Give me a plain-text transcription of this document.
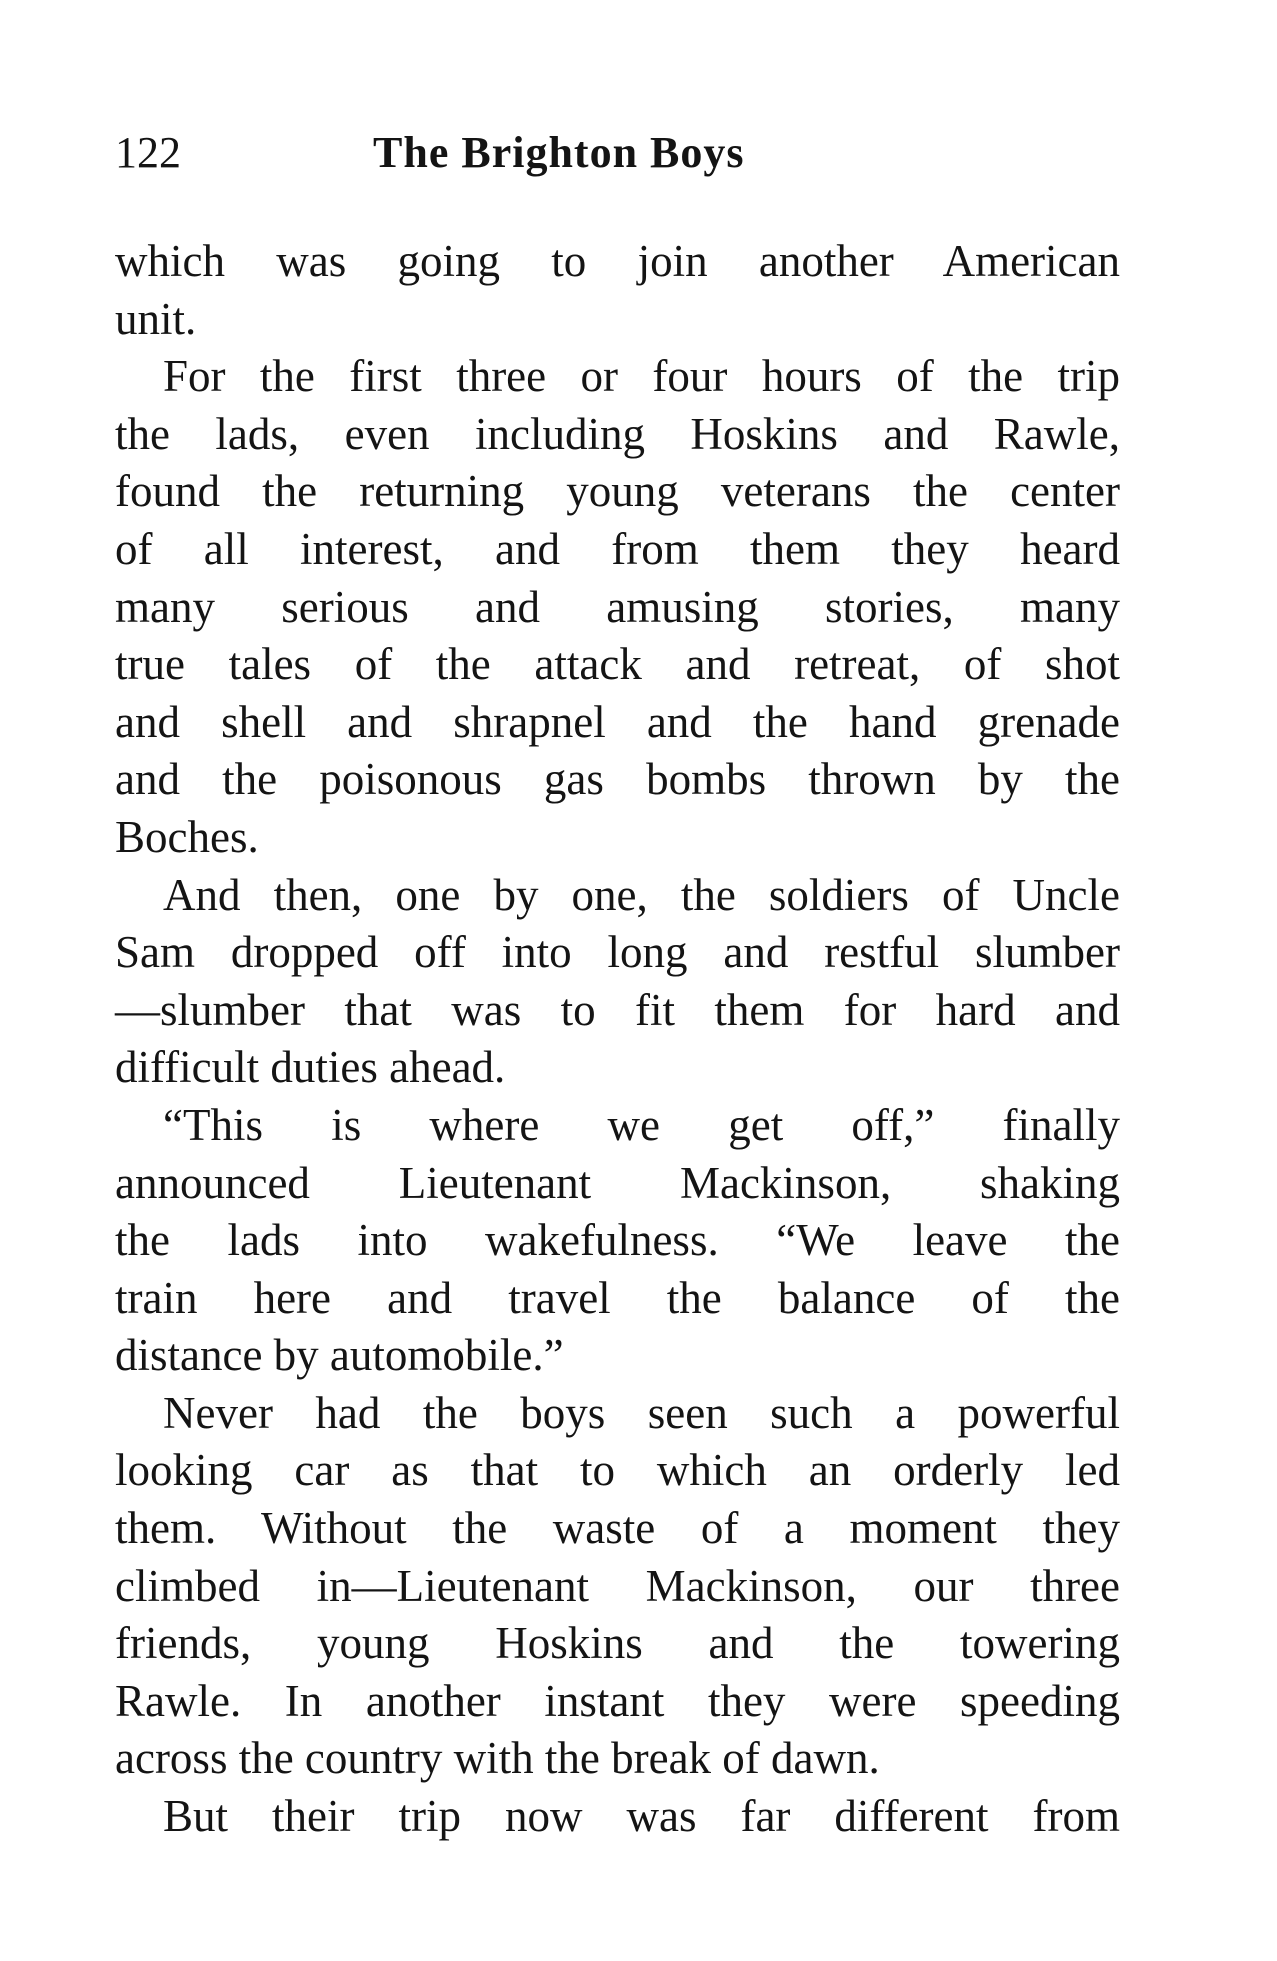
122	The Brighton Boys
which was going to join another American
unit.
For the first three or four hours of the trip
the lads, even including Hoskins and Rawle,
found the returning young veterans the center
of all interest, and from them they heard
many serious and amusing stories, many
true tales of the attack and retreat, of shot
and shell and shrapnel and the hand grenade
and the poisonous gas bombs thrown by the
Boches.
And then, one by one, the soldiers of Uncle
Sam dropped off into long and restful slumber
—slumber that was to fit them for hard and
difficult duties ahead.
“This is where we get off,” finally
announced Lieutenant Mackinson, shaking
the lads into wakefulness. “We leave the
train here and travel the balance of the
distance by automobile.”
Never had the boys seen such a powerful
looking car as that to which an orderly led
them. Without the waste of a moment they
climbed in—Lieutenant Mackinson, our three
friends, young Hoskins and the towering
Rawle. In another instant they were speeding
across the country with the break of dawn.
But their trip now was far different from
